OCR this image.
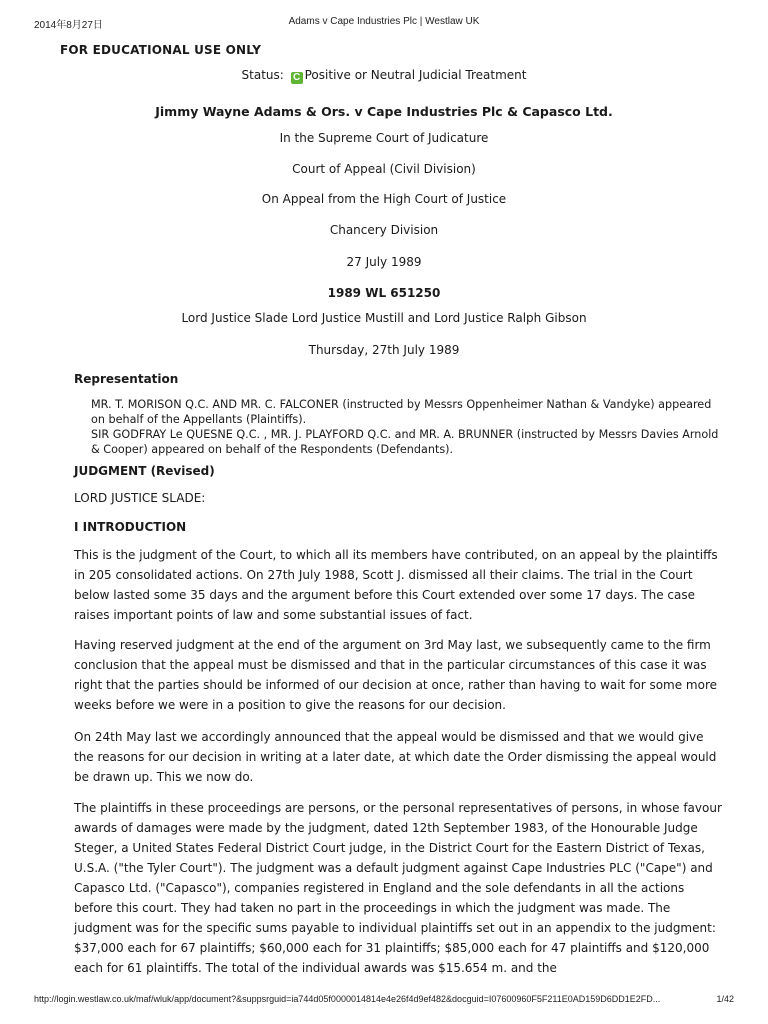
2014年8月27日	Adams v Cape Industries Plc | Westlaw UK
FOR EDUCATIONAL USE ONLY
Status: C Positive or Neutral Judicial Treatment
Jimmy Wayne Adams & Ors. v Cape Industries Plc & Capasco Ltd.
In the Supreme Court of Judicature
Court of Appeal (Civil Division)
On Appeal from the High Court of Justice
Chancery Division
27 July 1989
1989 WL 651250
Lord Justice Slade Lord Justice Mustill and Lord Justice Ralph Gibson
Thursday, 27th July 1989
Representation

MR. T. MORISON Q.C. AND MR. C. FALCONER (instructed by Messrs Oppenheimer Nathan & Vandyke) appeared on behalf of the Appellants (Plaintiffs).

SIR GODFRAY Le QUESNE Q.C. , MR. J. PLAYFORD Q.C. and MR. A. BRUNNER (instructed by Messrs Davies Arnold & Cooper) appeared on behalf of the Respondents (Defendants).

JUDGMENT (Revised)
LORD JUSTICE SLADE:
I INTRODUCTION

This is the judgment of the Court, to which all its members have contributed, on an appeal by the plaintiffs in 205 consolidated actions. On 27th July 1988, Scott J. dismissed all their claims. The trial in the Court below lasted some 35 days and the argument before this Court extended over some 17 days. The case raises important points of law and some substantial issues of fact.

Having reserved judgment at the end of the argument on 3rd May last, we subsequently came to the firm conclusion that the appeal must be dismissed and that in the particular circumstances of this case it was right that the parties should be informed of our decision at once, rather than having to wait for some more weeks before we were in a position to give the reasons for our decision.

On 24th May last we accordingly announced that the appeal would be dismissed and that we would give the reasons for our decision in writing at a later date, at which date the Order dismissing the appeal would be drawn up. This we now do.

The plaintiffs in these proceedings are persons, or the personal representatives of persons, in whose favour awards of damages were made by the judgment, dated 12th September 1983, of the Honourable Judge Steger, a United States Federal District Court judge, in the District Court for the Eastern District of Texas, U.S.A. ("the Tyler Court"). The judgment was a default judgment against Cape Industries PLC ("Cape") and Capasco Ltd. ("Capasco"), companies registered in England and the sole defendants in all the actions before this court. They had taken no part in the proceedings in which the judgment was made. The judgment was for the specific sums payable to individual plaintiffs set out in an appendix to the judgment: $37,000 each for 67 plaintiffs; $60,000 each for 31 plaintiffs; $85,000 each for 47 plaintiffs and $120,000 each for 61 plaintiffs. The total of the individual awards was $15.654 m. and the

http://login.westlaw.co.uk/maf/wluk/app/document?&suppsrguid=ia744d05f0000014814e4e26f4d9ef482&docguid=I07600960F5F211E0AD159D6DD1E2FD...	1/42
